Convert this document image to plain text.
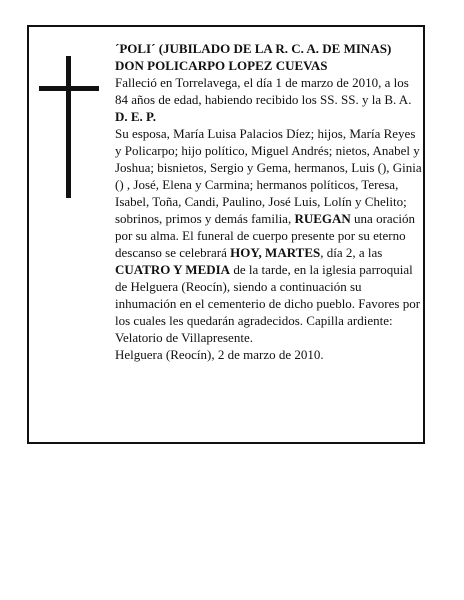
´POLI´ (JUBILADO DE LA R. C. A. DE MINAS)

DON POLICARPO LOPEZ CUEVAS

Falleció en Torrelavega, el día 1 de marzo de 2010, a los 84 años de edad, habiendo recibido los SS. SS. y la B. A.

D. E. P.

Su esposa, María Luisa Palacios Díez; hijos, María Reyes y Policarpo; hijo político, Miguel Andrés; nietos, Anabel y Joshua; bisnietos, Sergio y Gema, hermanos, Luis (), Ginia () , José, Elena y Carmina; hermanos políticos, Teresa, Isabel, Toña, Candi, Paulino, José Luis, Lolín y Chelito; sobrinos, primos y demás familia, RUEGAN una oración por su alma. El funeral de cuerpo presente por su eterno descanso se celebrará HOY, MARTES, día 2, a las CUATRO Y MEDIA de la tarde, en la iglesia parroquial de Helguera (Reocín), siendo a continuación su inhumación en el cementerio de dicho pueblo. Favores por los cuales les quedarán agradecidos. Capilla ardiente: Velatorio de Villapresente.

Helguera (Reocín), 2 de marzo de 2010.
